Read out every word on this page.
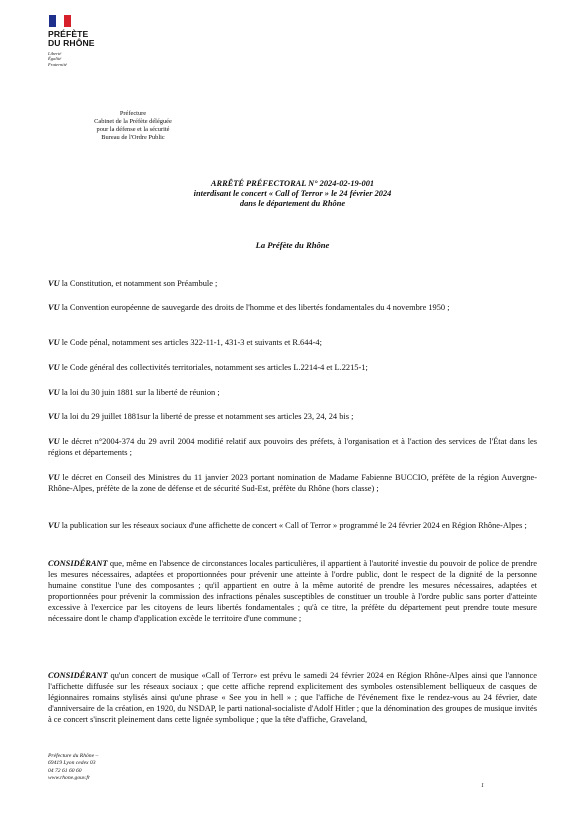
PRÉFÈTE
DU RHÔNE
Liberté
Égalité
Fraternité
Préfecture
Cabinet de la Préfète déléguée
pour la défense et la sécurité
Bureau de l'Ordre Public
ARRÊTÉ PRÉFECTORAL N° 2024-02-19-001
interdisant le concert « Call of Terror » le 24 février 2024
dans le département du Rhône
La Préfète du Rhône

VU la Constitution, et notamment son Préambule ;

VU la Convention européenne de sauvegarde des droits de l'homme et des libertés fondamentales du 4 novembre 1950 ;

VU le Code pénal, notamment ses articles 322-11-1, 431-3 et suivants et R.644-4;

VU le Code général des collectivités territoriales, notamment ses articles L.2214-4 et L.2215-1;

VU la loi du 30 juin 1881 sur la liberté de réunion ;

VU la loi du 29 juillet 1881sur la liberté de presse et notamment ses articles 23, 24, 24 bis ;

VU le décret n°2004-374 du 29 avril 2004 modifié relatif aux pouvoirs des préfets, à l'organisation et à l'action des services de l'État dans les régions et départements ;

VU le décret en Conseil des Ministres du 11 janvier 2023 portant nomination de Madame Fabienne BUCCIO, préfète de la région Auvergne-Rhône-Alpes, préfète de la zone de défense et de sécurité Sud-Est, préfète du Rhône (hors classe) ;

VU la publication sur les réseaux sociaux d'une affichette de concert « Call of Terror » programmé le 24 février 2024 en Région Rhône-Alpes ;

CONSIDÉRANT que, même en l'absence de circonstances locales particulières, il appartient à l'autorité investie du pouvoir de police de prendre les mesures nécessaires, adaptées et proportionnées pour prévenir une atteinte à l'ordre public, dont le respect de la dignité de la personne humaine constitue l'une des composantes ; qu'il appartient en outre à la même autorité de prendre les mesures nécessaires, adaptées et proportionnées pour prévenir la commission des infractions pénales susceptibles de constituer un trouble à l'ordre public sans porter d'atteinte excessive à l'exercice par les citoyens de leurs libertés fondamentales ; qu'à ce titre, la préfète du département peut prendre toute mesure nécessaire dont le champ d'application excède le territoire d'une commune ;

CONSIDÉRANT qu'un concert de musique «Call of Terror» est prévu le samedi 24 février 2024 en Région Rhône-Alpes ainsi que l'annonce l'affichette diffusée sur les réseaux sociaux ; que cette affiche reprend explicitement des symboles ostensiblement belliqueux de casques de légionnaires romains stylisés ainsi qu'une phrase « See you in hell » ; que l'affiche de l'événement fixe le rendez-vous au 24 février, date d'anniversaire de la création, en 1920, du NSDAP, le parti national-socialiste d'Adolf Hitler ; que la dénomination des groupes de musique invités à ce concert s'inscrit pleinement dans cette lignée symbolique ; que la tête d'affiche, Graveland,

Préfecture du Rhône –
69419 Lyon cedex 03
04 72 61 60 60
www.rhone.gouv.fr
1
